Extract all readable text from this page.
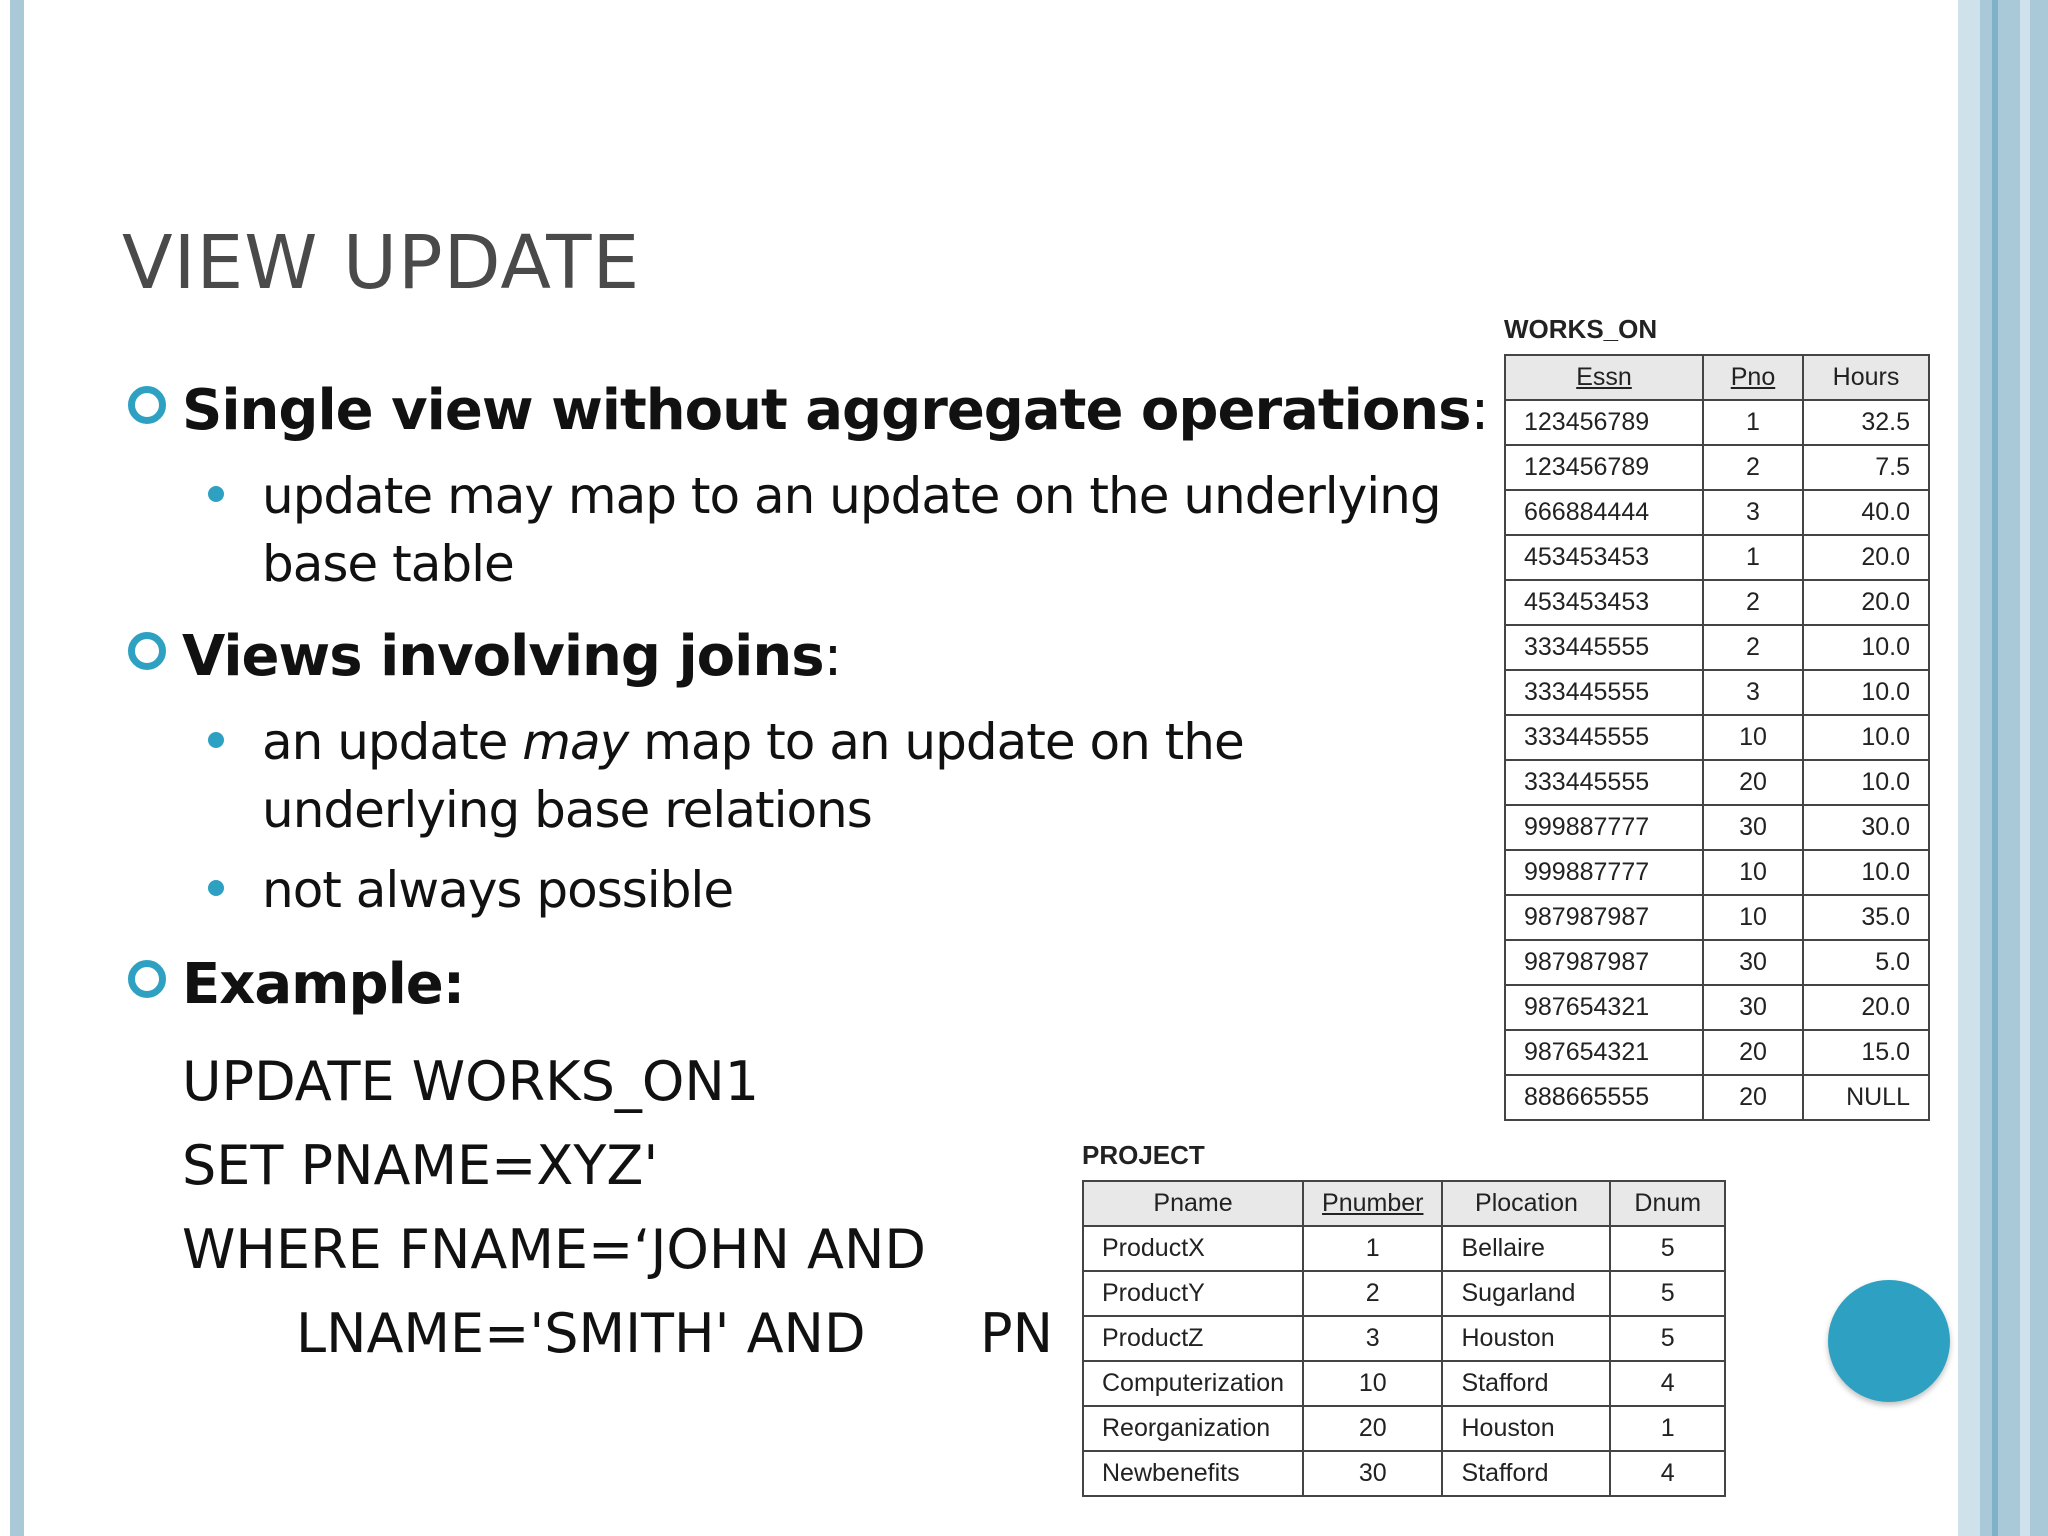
VIEW UPDATE
Single view without aggregate operations:
update may map to an update on the underlying base table
Views involving joins:
an update may map to an update on the underlying base relations
not always possible
Example:
UPDATE WORKS_ON1
SET PNAME=XYZ'
WHERE FNAME=‘JOHN AND
LNAME='SMITH' AND PN
WORKS_ON
Essn	Pno	Hours
123456789	1	32.5
123456789	2	7.5
666884444	3	40.0
453453453	1	20.0
453453453	2	20.0
333445555	2	10.0
333445555	3	10.0
333445555	10	10.0
333445555	20	10.0
999887777	30	30.0
999887777	10	10.0
987987987	10	35.0
987987987	30	5.0
987654321	30	20.0
987654321	20	15.0
888665555	20	NULL
PROJECT
Pname	Pnumber	Plocation	Dnum
ProductX	1	Bellaire	5
ProductY	2	Sugarland	5
ProductZ	3	Houston	5
Computerization	10	Stafford	4
Reorganization	20	Houston	1
Newbenefits	30	Stafford	4
